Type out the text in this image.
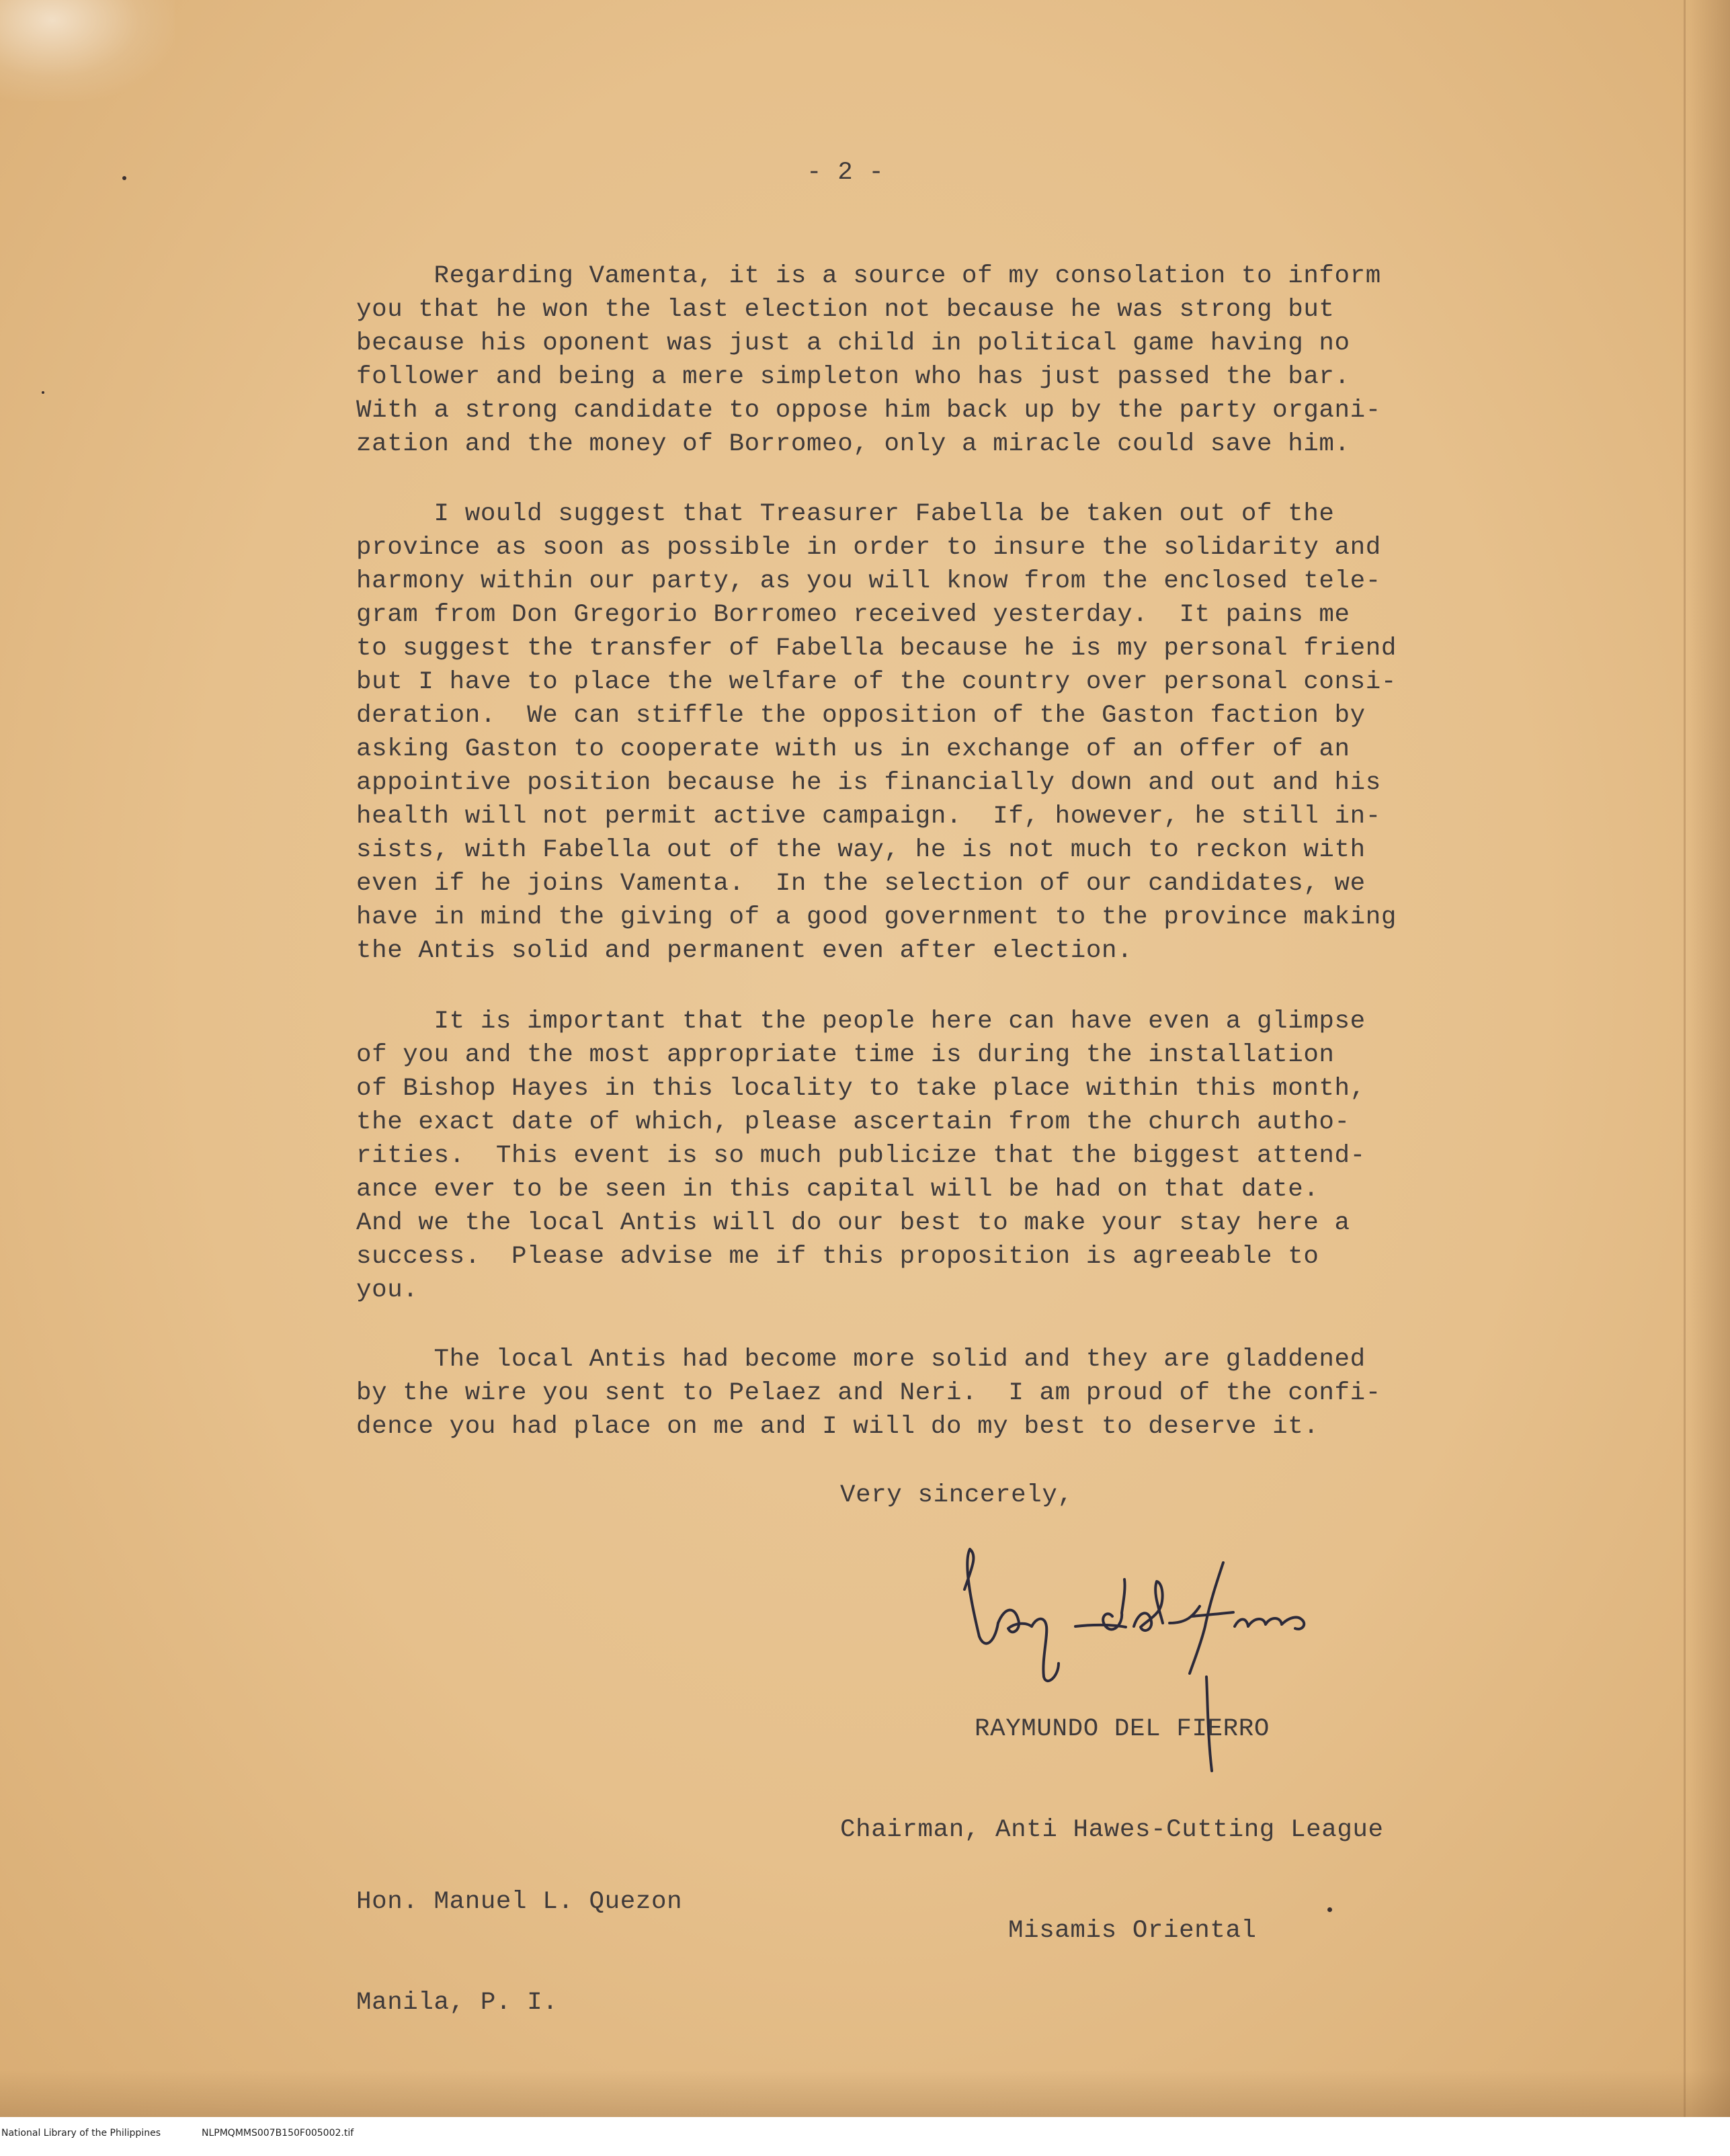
- 2 -
Regarding Vamenta, it is a source of my consolation to inform
you that he won the last election not because he was strong but
because his oponent was just a child in political game having no
follower and being a mere simpleton who has just passed the bar.
With a strong candidate to oppose him back up by the party organi-
zation and the money of Borromeo, only a miracle could save him.
I would suggest that Treasurer Fabella be taken out of the
province as soon as possible in order to insure the solidarity and
harmony within our party, as you will know from the enclosed tele-
gram from Don Gregorio Borromeo received yesterday.  It pains me
to suggest the transfer of Fabella because he is my personal friend
but I have to place the welfare of the country over personal consi-
deration.  We can stiffle the opposition of the Gaston faction by
asking Gaston to cooperate with us in exchange of an offer of an
appointive position because he is financially down and out and his
health will not permit active campaign.  If, however, he still in-
sists, with Fabella out of the way, he is not much to reckon with
even if he joins Vamenta.  In the selection of our candidates, we
have in mind the giving of a good government to the province making
the Antis solid and permanent even after election.
It is important that the people here can have even a glimpse
of you and the most appropriate time is during the installation
of Bishop Hayes in this locality to take place within this month,
the exact date of which, please ascertain from the church autho-
rities.  This event is so much publicize that the biggest attend-
ance ever to be seen in this capital will be had on that date.
And we the local Antis will do our best to make your stay here a
success.  Please advise me if this proposition is agreeable to
you.
The local Antis had become more solid and they are gladdened
by the wire you sent to Pelaez and Neri.  I am proud of the confi-
dence you had place on me and I will do my best to deserve it.
Very sincerely,

RAYMUNDO DEL FIERRO

Chairman, Anti Hawes-Cutting League

Misamis Oriental

Hon. Manuel L. Quezon

Manila, P. I.

National Library of the Philippines

	NLPMQMMS007B150F005002.tif
